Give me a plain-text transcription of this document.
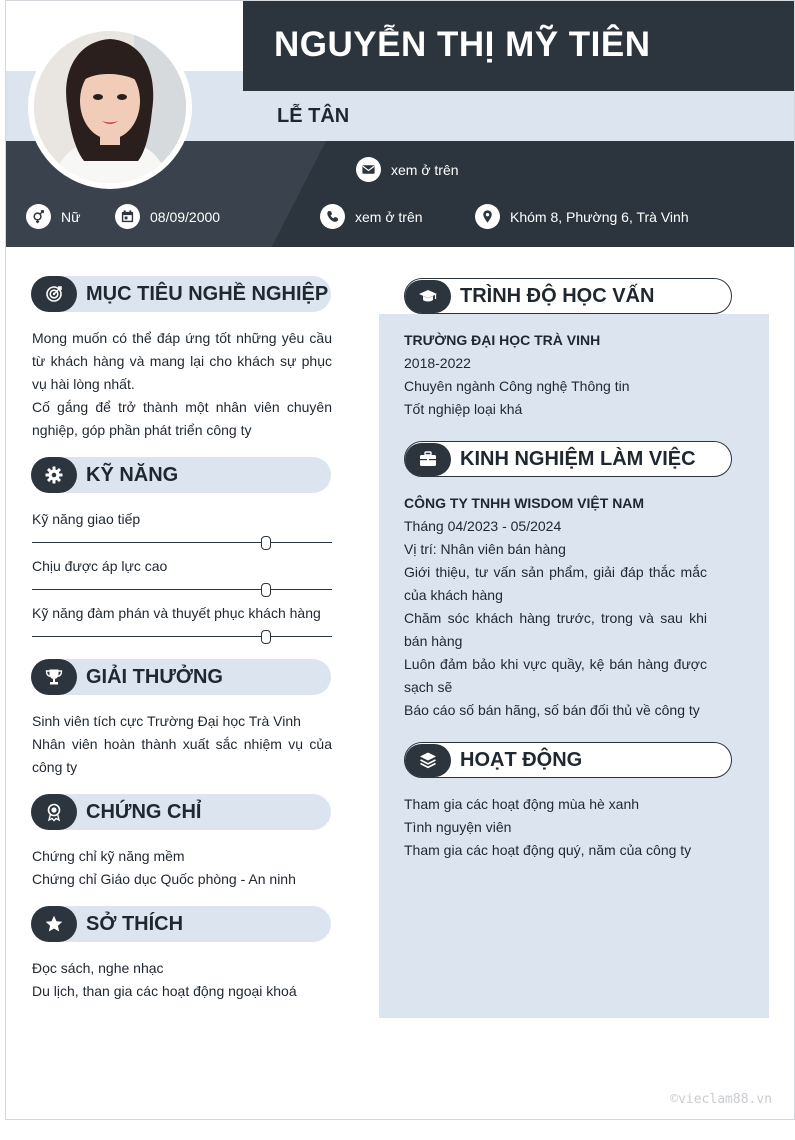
NGUYỄN THỊ MỸ TIÊN
LỄ TÂN
xem ở trên
Nữ	08/09/2000	xem ở trên	Khóm 8, Phường 6, Trà Vinh
MỤC TIÊU NGHỀ NGHIỆP
Mong muốn có thể đáp ứng tốt những yêu cầu từ khách hàng và mang lại cho khách sự phục vụ hài lòng nhất.
Cố gắng để trở thành một nhân viên chuyên nghiệp, góp phần phát triển công ty
KỸ NĂNG
Kỹ năng giao tiếp
Chịu được áp lực cao
Kỹ năng đàm phán và thuyết phục khách hàng
GIẢI THƯỞNG
Sinh viên tích cực Trường Đại học Trà Vinh
Nhân viên hoàn thành xuất sắc nhiệm vụ của công ty
CHỨNG CHỈ
Chứng chỉ kỹ năng mềm
Chứng chỉ Giáo dục Quốc phòng - An ninh
SỞ THÍCH
Đọc sách, nghe nhạc
Du lịch, than gia các hoạt động ngoại khoá
TRÌNH ĐỘ HỌC VẤN
TRƯỜNG ĐẠI HỌC TRÀ VINH
2018-2022
Chuyên ngành Công nghệ Thông tin
Tốt nghiệp loại khá
KINH NGHIỆM LÀM VIỆC
CÔNG TY TNHH WISDOM VIỆT NAM
Tháng 04/2023 - 05/2024
Vị trí: Nhân viên bán hàng
Giới thiệu, tư vấn sản phẩm, giải đáp thắc mắc của khách hàng
Chăm sóc khách hàng trước, trong và sau khi bán hàng
Luôn đảm bảo khi vực quầy, kệ bán hàng được sạch sẽ
Báo cáo số bán hãng, số bán đối thủ về công ty
HOẠT ĐỘNG
Tham gia các hoạt động mùa hè xanh
Tình nguyện viên
Tham gia các hoạt động quý, năm của công ty
©vieclam88.vn
